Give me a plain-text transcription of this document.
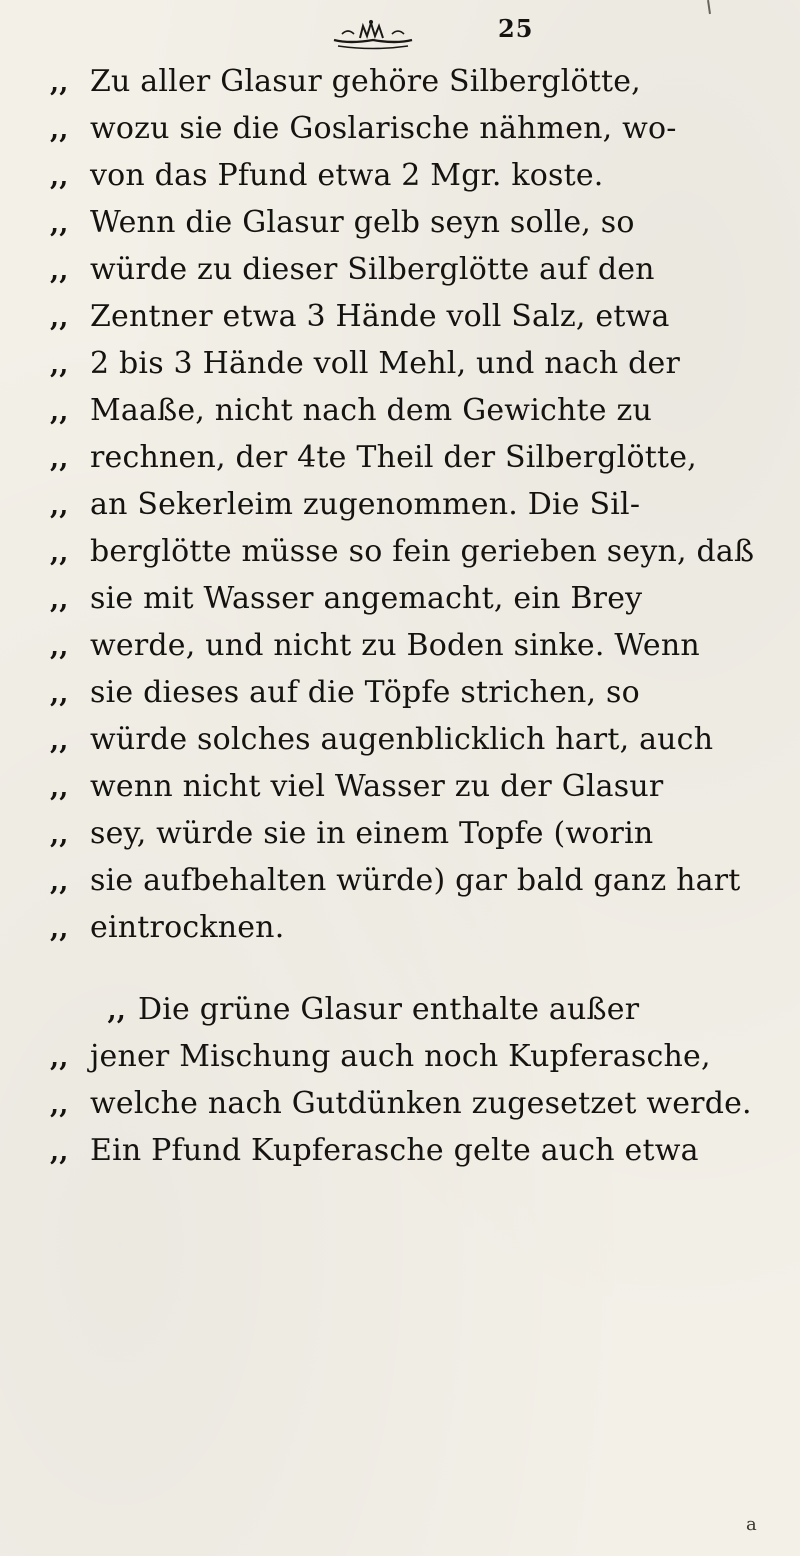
25
,, Zu aller Glasur gehöre Silberglötte,
,, wozu sie die Goslarische nähmen, wo-
,, von das Pfund etwa 2 Mgr. koste.
,, Wenn die Glasur gelb seyn solle, so
,, würde zu dieser Silberglötte auf den
,, Zentner etwa 3 Hände voll Salz, etwa
,, 2 bis 3 Hände voll Mehl, und nach der
,, Maaße, nicht nach dem Gewichte zu
,, rechnen, der 4te Theil der Silberglötte,
,, an Sekerleim zugenommen. Die Sil-
,, berglötte müsse so fein gerieben seyn, daß
,, sie mit Wasser angemacht, ein Brey
,, werde, und nicht zu Boden sinke. Wenn
,, sie dieses auf die Töpfe strichen, so
,, würde solches augenblicklich hart, auch
,, wenn nicht viel Wasser zu der Glasur
,, sey, würde sie in einem Topfe (worin
,, sie aufbehalten würde) gar bald ganz hart
,, eintrocknen.
,, Die grüne Glasur enthalte außer
,, jener Mischung auch noch Kupferasche,
,, welche nach Gutdünken zugesetzet werde.
,, Ein Pfund Kupferasche gelte auch etwa
a
